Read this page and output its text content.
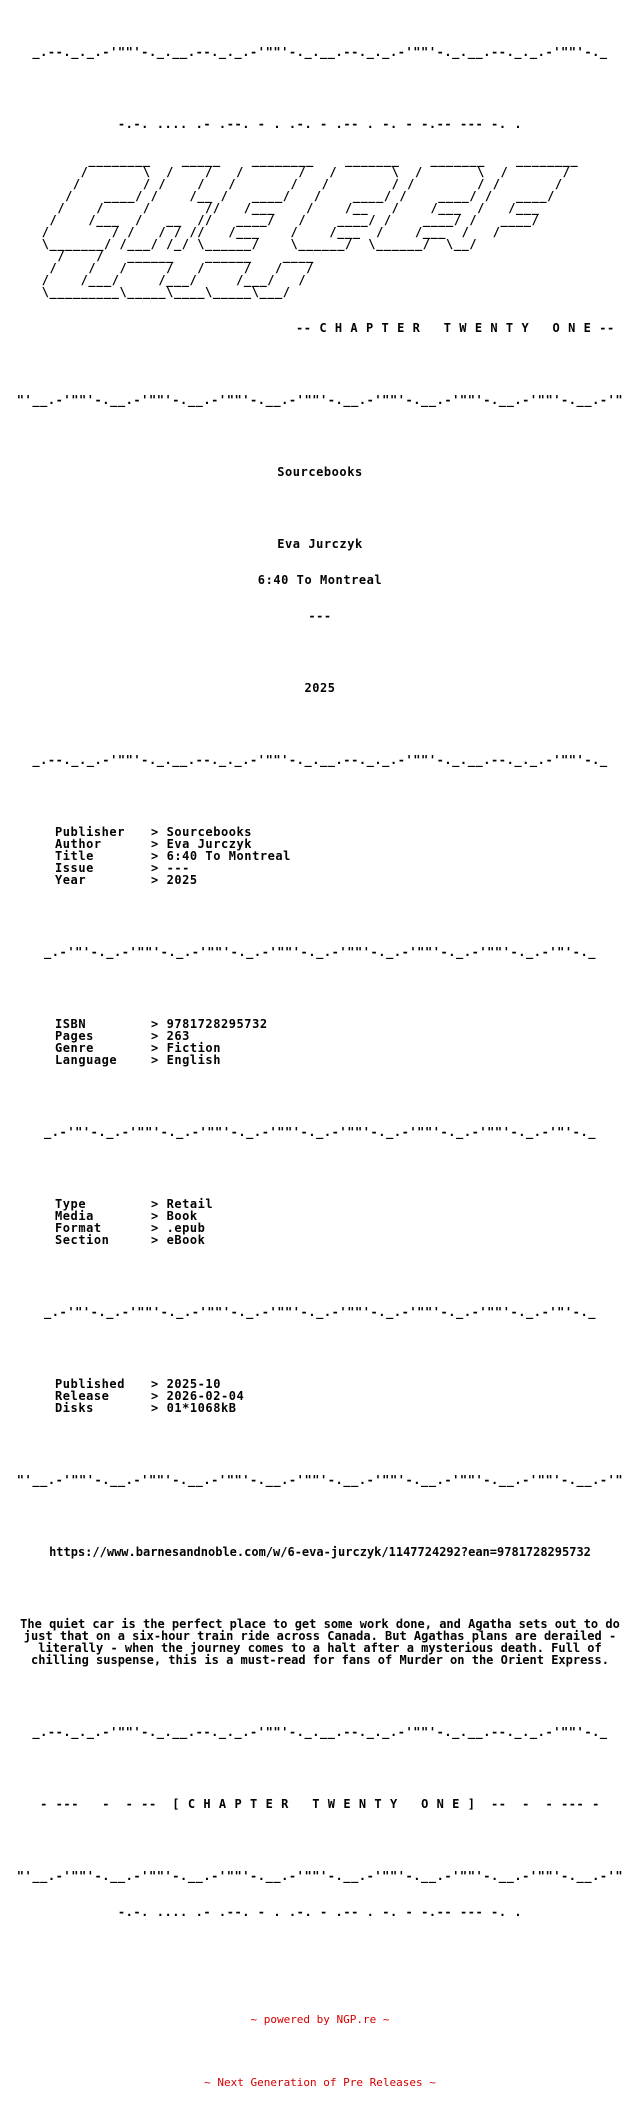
_.--._._.-'""'-._.__.--._._.-'""'-._.__.--._._.-'""'-._.__.--._._.-'""'-._

-.-. .... .- .--. - . .-. - .-- . -. - -.-- --- -. .

________    _____    ________    _______    _______    ________
/       \  /    /   /       /   /       \  /       \  /       /
/        / /    /   /       /   /        / /        / /       /
/    ____/ /    /__ /   ____/   /    ____/ /    ____/ /   ____/
/    /     /       //   /___    /    /__   /    /___  /   /___
/    /___  /   __  //   ____/   /    ____/ /    ____/ /   ____/
/        / /   / / //   /___    /    /___  /    /___  /   /
\_______/ /___/ /_/ \______/    \______/  \______/  \__/
/    /   ______    ______    ____
/    /   /     /   /     /   /   /
/    /___/     /___/     /___/   /
\_________\_____\____\_____\___/

-- C H A P T E R   T W E N T Y   O N E --

"'__.-'""'-.__.-'""'-.__.-'""'-.__.-'""'-.__.-'""'-.__.-'""'-.__.-'""'-.__.-'"

Sourcebooks

Eva Jurczyk

6:40 To Montreal

---

2025

_.--._._.-'""'-._.__.--._._.-'""'-._.__.--._._.-'""'-._.__.--._._.-'""'-._

Publisher > Sourcebooks
Author	> Eva Jurczyk
Title	> 6:40 To Montreal
Issue	> ---
Year	> 2025

_.-'"'-._.-'""'-._.-'""'-._.-'""'-._.-'""'-._.-'""'-._.-'""'-._.-'"'-._

ISBN	> 9781728295732
Pages	> 263
Genre	> Fiction
Language	> English

_.-'"'-._.-'""'-._.-'""'-._.-'""'-._.-'""'-._.-'""'-._.-'""'-._.-'"'-._

Type	> Retail
Media	> Book
Format	> .epub
Section	> eBook

_.-'"'-._.-'""'-._.-'""'-._.-'""'-._.-'""'-._.-'""'-._.-'""'-._.-'"'-._

Published > 2025-10
Release	> 2026-02-04
Disks	> 01*1068kB

"'__.-'""'-.__.-'""'-.__.-'""'-.__.-'""'-.__.-'""'-.__.-'""'-.__.-'""'-.__.-'"

https://www.barnesandnoble.com/w/6-eva-jurczyk/1147724292?ean=9781728295732

The quiet car is the perfect place to get some work done, and Agatha sets out to do just that on a six-hour train ride across Canada. But Agathas plans are derailed - literally - when the journey comes to a halt after a mysterious death. Full of chilling suspense, this is a must-read for fans of Murder on the Orient Express.

_.--._._.-'""'-._.__.--._._.-'""'-._.__.--._._.-'""'-._.__.--._._.-'""'-._

- ---   -  - --  [ C H A P T E R   T W E N T Y   O N E ]  --  -  - --- -

"'__.-'""'-.__.-'""'-.__.-'""'-.__.-'""'-.__.-'""'-.__.-'""'-.__.-'""'-.__.-'"

-.-. .... .- .--. - . .-. - .-- . -. - -.-- --- -. .

~ powered by NGP.re ~

~ Next Generation of Pre Releases ~
